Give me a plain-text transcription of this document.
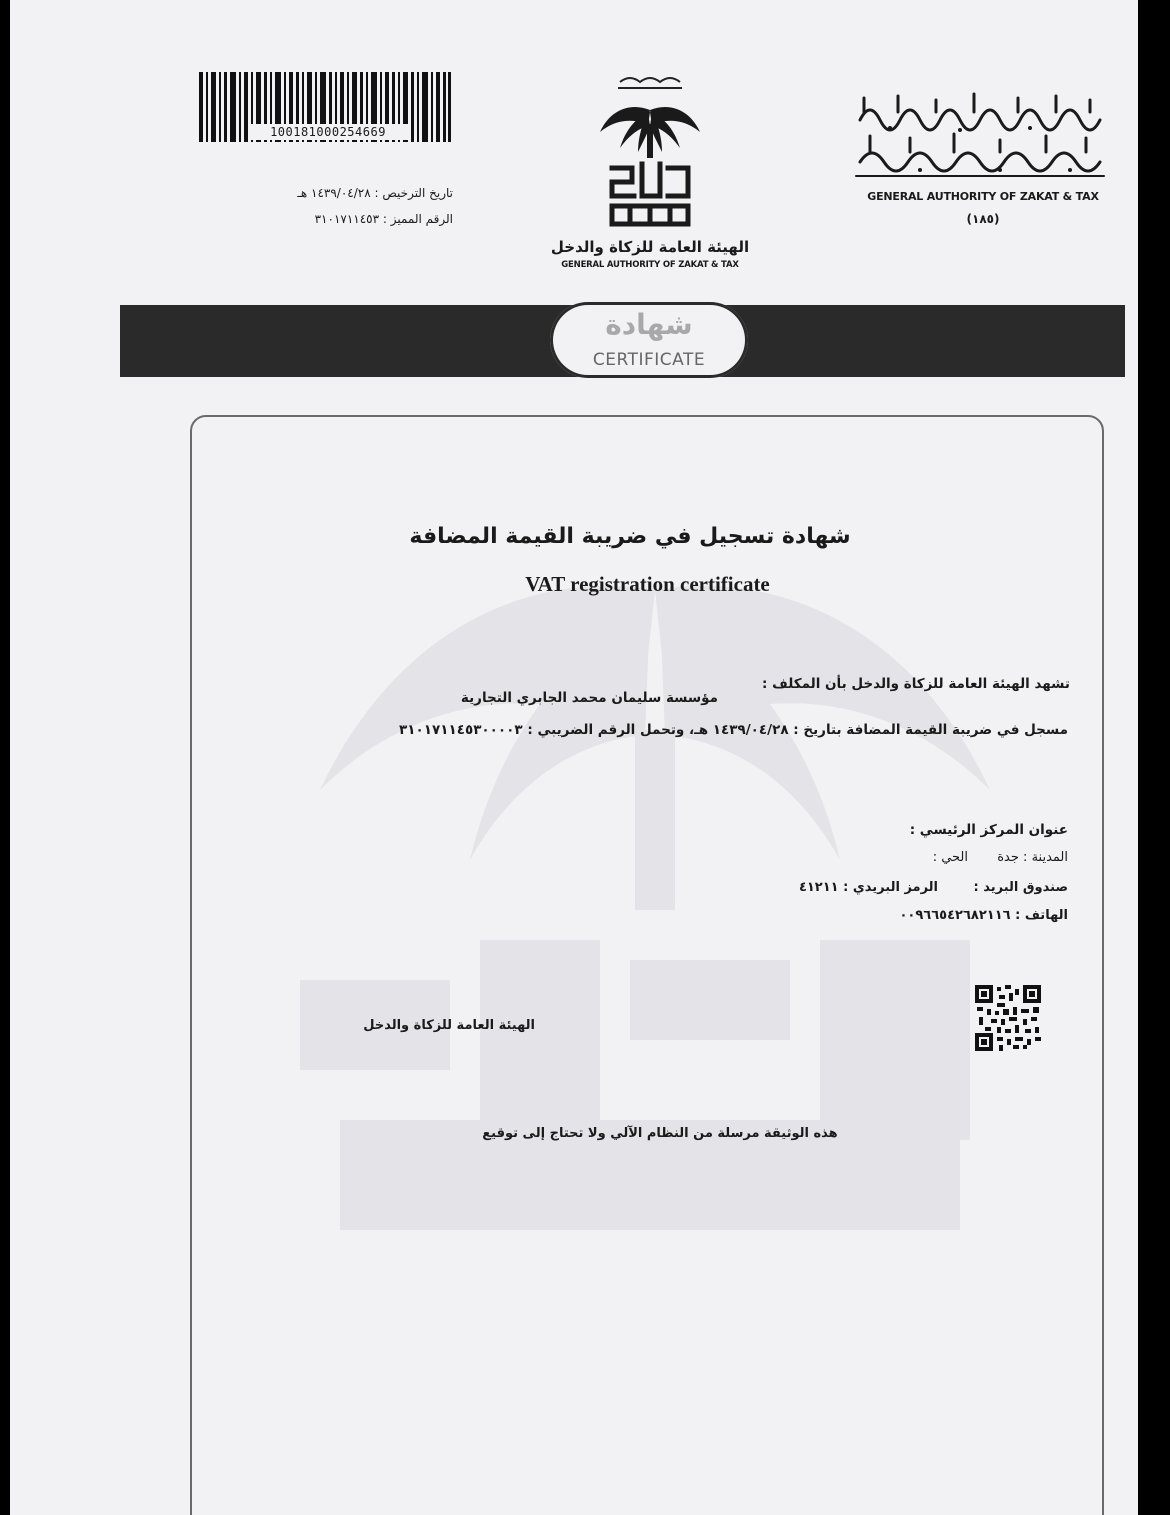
100181000254669
تاريخ الترخيص : ١٤٣٩/٠٤/٢٨ هـ
الرقم المميز : ٣١٠١٧١١٤٥٣
الهيئة العامة للزكاة والدخل
GENERAL AUTHORITY OF ZAKAT & TAX
GENERAL AUTHORITY OF ZAKAT & TAX
(١٨٥)
شهادة
CERTIFICATE
شهادة تسجيل في ضريبة القيمة المضافة
VAT registration certificate
تشهد الهيئة العامة للزكاة والدخل بأن المكلف :
مؤسسة سليمان محمد الجابري التجارية
مسجل في ضريبة القيمة المضافة بتاريخ : ١٤٣٩/٠٤/٢٨ هـ، وتحمل الرقم الضريبي : ٣١٠١٧١١٤٥٣٠٠٠٠٣
عنوان المركز الرئيسي :
المدينة : جدة
الحي :
صندوق البريد :
الرمز البريدي : ٤١٢١١
الهاتف : ٠٠٩٦٦٥٤٢٦٨٢١١٦
الهيئة العامة للزكاة والدخل
هذه الوثيقة مرسلة من النظام الآلي ولا تحتاج إلى توقيع
